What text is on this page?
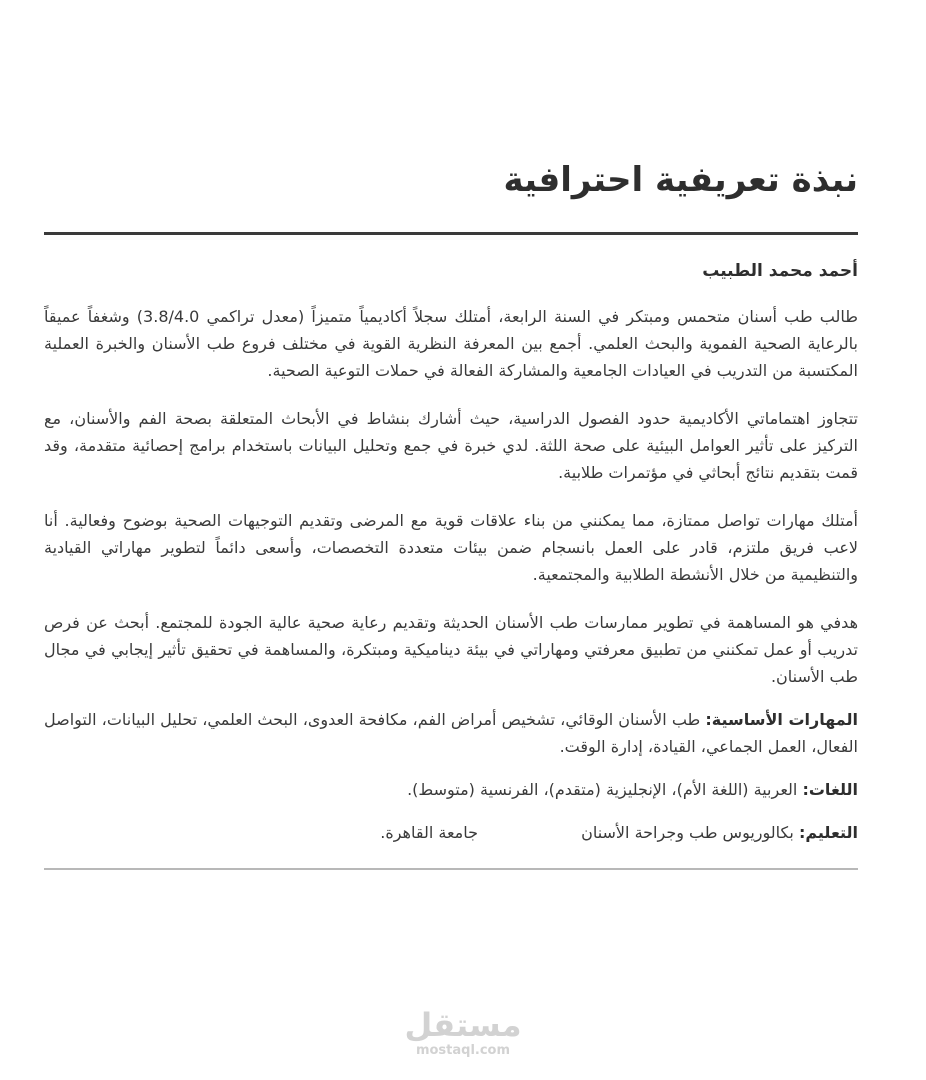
نبذة تعريفية احترافية
أحمد محمد الطبيب

طالب طب أسنان متحمس ومبتكر في السنة الرابعة، أمتلك سجلاً أكاديمياً متميزاً (معدل تراكمي 3.8/4.0) وشغفاً عميقاً بالرعاية الصحية الفموية والبحث العلمي. أجمع بين المعرفة النظرية القوية في مختلف فروع طب الأسنان والخبرة العملية المكتسبة من التدريب في العيادات الجامعية والمشاركة الفعالة في حملات التوعية الصحية.

تتجاوز اهتماماتي الأكاديمية حدود الفصول الدراسية، حيث أشارك بنشاط في الأبحاث المتعلقة بصحة الفم والأسنان، مع التركيز على تأثير العوامل البيئية على صحة اللثة. لدي خبرة في جمع وتحليل البيانات باستخدام برامج إحصائية متقدمة، وقد قمت بتقديم نتائج أبحاثي في مؤتمرات طلابية.

أمتلك مهارات تواصل ممتازة، مما يمكنني من بناء علاقات قوية مع المرضى وتقديم التوجيهات الصحية بوضوح وفعالية. أنا لاعب فريق ملتزم، قادر على العمل بانسجام ضمن بيئات متعددة التخصصات، وأسعى دائماً لتطوير مهاراتي القيادية والتنظيمية من خلال الأنشطة الطلابية والمجتمعية.

هدفي هو المساهمة في تطوير ممارسات طب الأسنان الحديثة وتقديم رعاية صحية عالية الجودة للمجتمع. أبحث عن فرص تدريب أو عمل تمكنني من تطبيق معرفتي ومهاراتي في بيئة ديناميكية ومبتكرة، والمساهمة في تحقيق تأثير إيجابي في مجال طب الأسنان.

المهارات الأساسية: طب الأسنان الوقائي، تشخيص أمراض الفم، مكافحة العدوى، البحث العلمي، تحليل البيانات، التواصل الفعال، العمل الجماعي، القيادة، إدارة الوقت.

اللغات: العربية (اللغة الأم)، الإنجليزية (متقدم)، الفرنسية (متوسط).
التعليم: بكالوريوس طب وجراحة الأسنان
جامعة القاهرة.
مستقل
mostaql.com
